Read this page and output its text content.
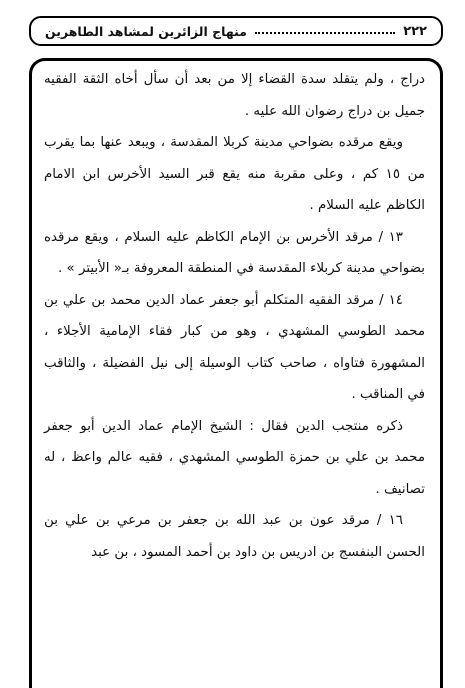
٢٢٢
منهاج الزائرين لمشاهد الطاهرين

دراج ، ولم يتقلد سدة القضاء إلا من بعد أن سأل أخاه الثقة الفقيه جميل بن دراج رضوان الله عليه .

ويقع مرقده بضواحي مدينة كربلا المقدسة ، ويبعد عنها بما يقرب من ١٥ كم ، وعلى مقربة منه يقع قبر السيد الأخرس ابن الامام الكاظم عليه السلام .

١٣ / مرقد الأخرس بن الإمام الكاظم عليه السلام ، ويقع مرقده بضواحي مدينة كربلاء المقدسة في المنطقة المعروفة بـ« الأبيتر » .

١٤ / مرقد الفقيه المتكلم أبو جعفر عماد الدين محمد بن علي بن محمد الطوسي المشهدي ، وهو من كبار فقاء الإمامية الأجلاء ، المشهورة فتاواه ، صاحب كتاب الوسيلة إلى نيل الفضيلة ، والثاقب في المناقب .

ذكره منتجب الدين فقال : الشيخ الإمام عماد الدين أبو جعفر محمد بن علي بن حمزة الطوسي المشهدي ، فقيه عالم واعظ ، له تصانيف .

١٦ / مرقد عون بن عبد الله بن جعفر بن مرعي بن علي بن الحسن البنفسج بن ادريس بن داود بن أحمد المسود ، بن عبد
